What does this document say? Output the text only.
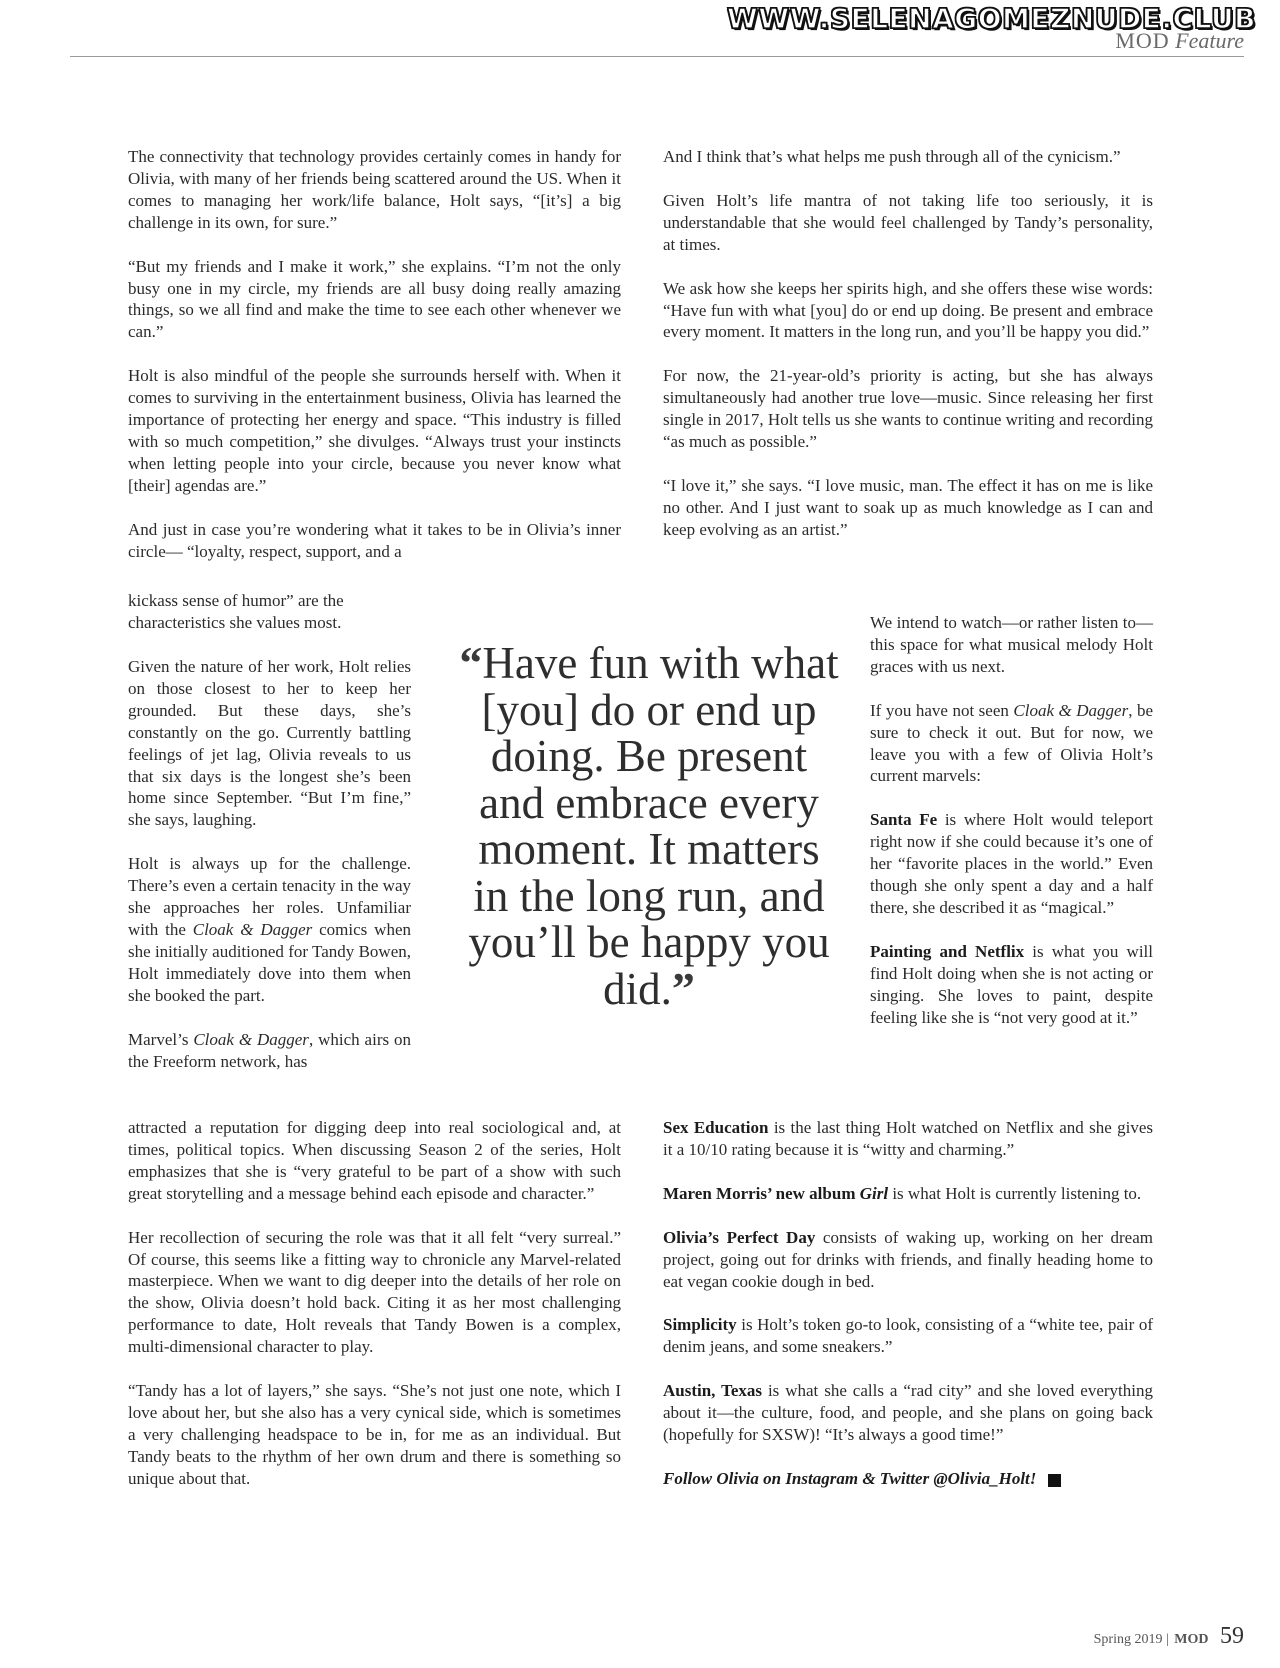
WWW.SELENAGOMEZNUDE.CLUB
MOD Feature

The connectivity that technology provides certainly comes in handy for Olivia, with many of her friends being scattered around the US. When it comes to managing her work/life balance, Holt says, “[it’s] a big challenge in its own, for sure.”

“But my friends and I make it work,” she explains. “I’m not the only busy one in my circle, my friends are all busy doing really amazing things, so we all find and make the time to see each other whenever we can.”

Holt is also mindful of the people she surrounds herself with. When it comes to surviving in the entertainment business, Olivia has learned the importance of protecting her energy and space. “This industry is filled with so much competition,” she divulges. “Always trust your instincts when letting people into your circle, because you never know what [their] agendas are.”

And just in case you’re wondering what it takes to be in Olivia’s inner circle— “loyalty, respect, support, and a

kickass sense of humor” are the

characteristics she values most.

Given the nature of her work, Holt relies on those closest to her to keep her grounded. But these days, she’s constantly on the go. Currently battling feelings of jet lag, Olivia reveals to us that six days is the longest she’s been home since September. “But I’m fine,” she says, laughing.

Holt is always up for the challenge. There’s even a certain tenacity in the way she approaches her roles. Unfamiliar with the Cloak & Dagger comics when she initially auditioned for Tandy Bowen, Holt immediately dove into them when she booked the part.

Marvel’s Cloak & Dagger, which airs on the Freeform network, has

attracted a reputation for digging deep into real sociological and, at times, political topics. When discussing Season 2 of the series, Holt emphasizes that she is “very grateful to be part of a show with such great storytelling and a message behind each episode and character.”

Her recollection of securing the role was that it all felt “very surreal.” Of course, this seems like a fitting way to chronicle any Marvel-related masterpiece. When we want to dig deeper into the details of her role on the show, Olivia doesn’t hold back. Citing it as her most challenging performance to date, Holt reveals that Tandy Bowen is a complex, multi-dimensional character to play.

“Tandy has a lot of layers,” she says. “She’s not just one note, which I love about her, but she also has a very cynical side, which is sometimes a very challenging headspace to be in, for me as an individual. But Tandy beats to the rhythm of her own drum and there is something so unique about that.

And I think that’s what helps me push through all of the cynicism.”

Given Holt’s life mantra of not taking life too seriously, it is understandable that she would feel challenged by Tandy’s personality, at times.

We ask how she keeps her spirits high, and she offers these wise words: “Have fun with what [you] do or end up doing. Be present and embrace every moment. It matters in the long run, and you’ll be happy you did.”

For now, the 21-year-old’s priority is acting, but she has always simultaneously had another true love—music. Since releasing her first single in 2017, Holt tells us she wants to continue writing and recording “as much as possible.”

“I love it,” she says. “I love music, man. The effect it has on me is like no other. And I just want to soak up as much knowledge as I can and keep evolving as an artist.”

We intend to watch—or rather listen to—this space for what musical melody Holt graces with us next.

If you have not seen Cloak & Dagger, be sure to check it out. But for now, we leave you with a few of Olivia Holt’s current marvels:

Santa Fe is where Holt would teleport right now if she could because it’s one of her “favorite places in the world.” Even though she only spent a day and a half there, she described it as “magical.”

Painting and Netflix is what you will find Holt doing when she is not acting or singing. She loves to paint, despite feeling like she is “not very good at it.”

Sex Education is the last thing Holt watched on Netflix and she gives it a 10/10 rating because it is “witty and charming.”

Maren Morris’ new album Girl is what Holt is currently listening to.

Olivia’s Perfect Day consists of waking up, working on her dream project, going out for drinks with friends, and finally heading home to eat vegan cookie dough in bed.

Simplicity is Holt’s token go-to look, consisting of a “white tee, pair of denim jeans, and some sneakers.”

Austin, Texas is what she calls a “rad city” and she loved everything about it—the culture, food, and people, and she plans on going back (hopefully for SXSW)! “It’s always a good time!”

Follow Olivia on Instagram & Twitter @Olivia_Holt!

“Have fun with what [you] do or end up doing. Be present and embrace every moment. It matters in the long run, and you’ll be happy you did.”
Spring 2019 | MOD 59
